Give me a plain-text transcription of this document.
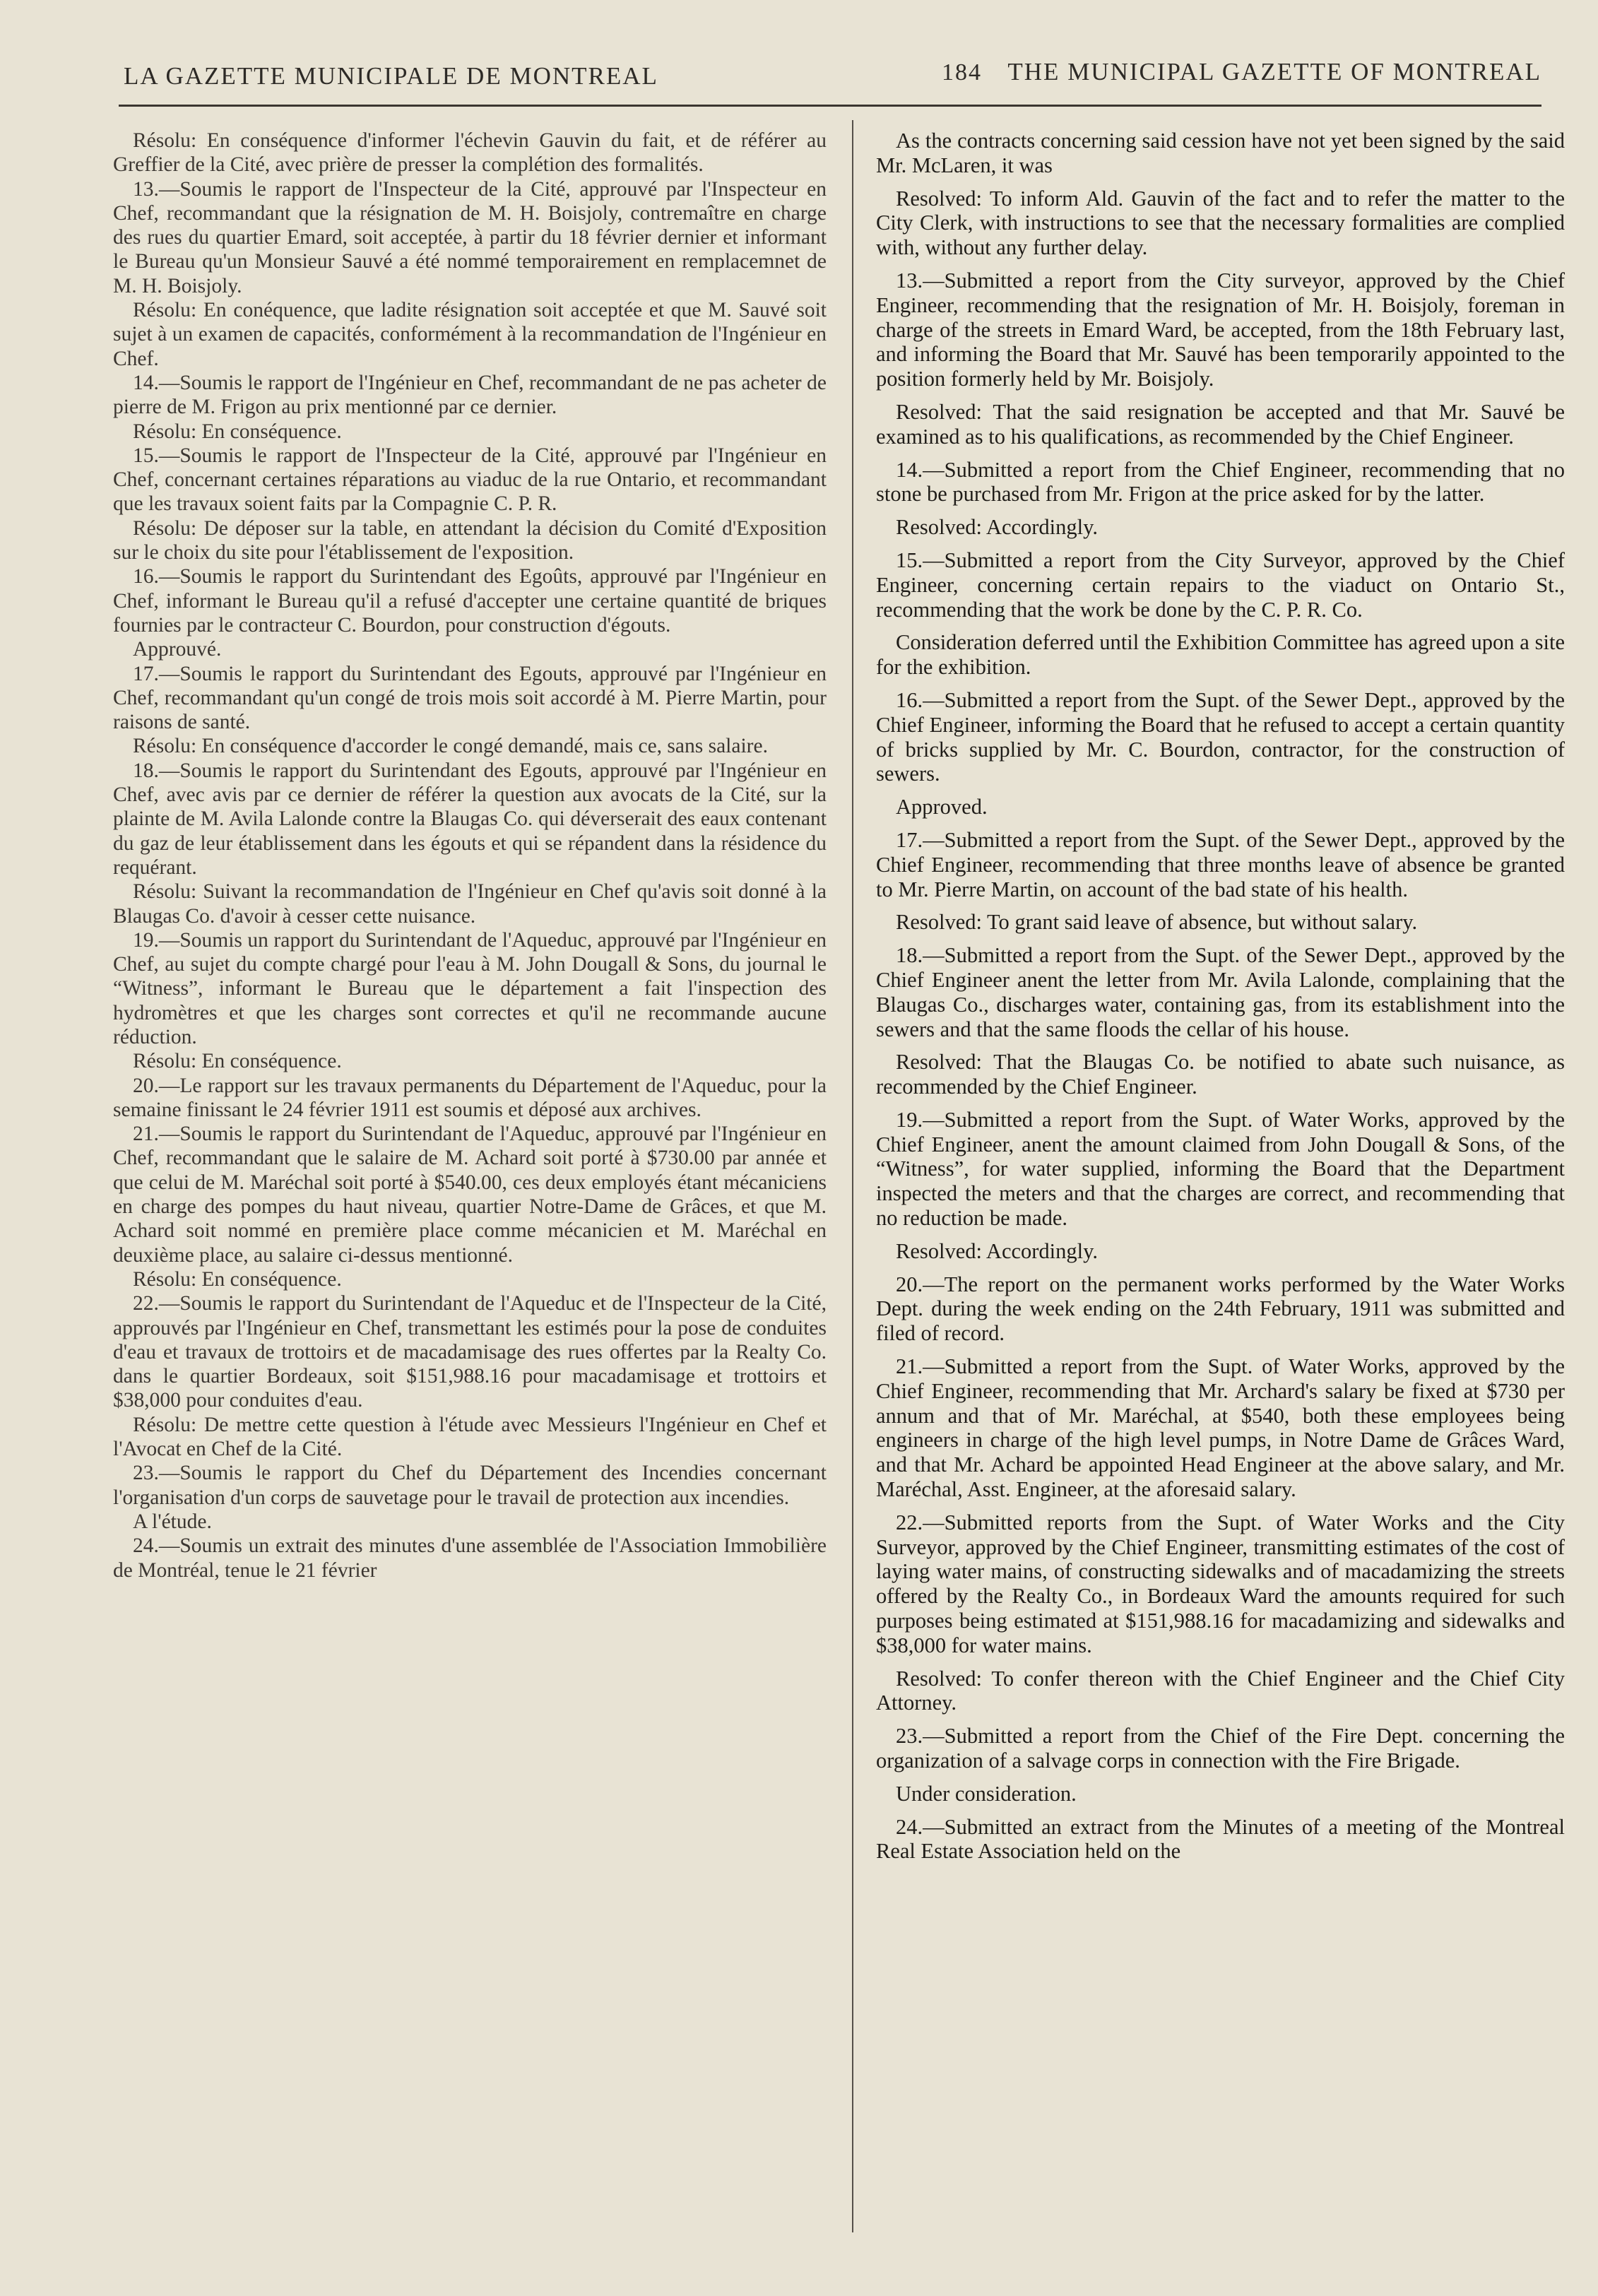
LA GAZETTE MUNICIPALE DE MONTREAL	184 THE MUNICIPAL GAZETTE OF MONTREAL

Résolu: En conséquence d'informer l'échevin Gauvin du fait, et de référer au Greffier de la Cité, avec prière de presser la complétion des formalités.

13.—Soumis le rapport de l'Inspecteur de la Cité, approuvé par l'Inspecteur en Chef, recommandant que la résignation de M. H. Boisjoly, contremaître en charge des rues du quartier Emard, soit acceptée, à partir du 18 février dernier et informant le Bureau qu'un Monsieur Sauvé a été nommé temporairement en remplacemnet de M. H. Boisjoly.

Résolu: En conéquence, que ladite résignation soit acceptée et que M. Sauvé soit sujet à un examen de capacités, conformément à la recommandation de l'Ingénieur en Chef.

14.—Soumis le rapport de l'Ingénieur en Chef, recommandant de ne pas acheter de pierre de M. Frigon au prix mentionné par ce dernier.

Résolu: En conséquence.

15.—Soumis le rapport de l'Inspecteur de la Cité, approuvé par l'Ingénieur en Chef, concernant certaines réparations au viaduc de la rue Ontario, et recommandant que les travaux soient faits par la Compagnie C. P. R.

Résolu: De déposer sur la table, en attendant la décision du Comité d'Exposition sur le choix du site pour l'établissement de l'exposition.

16.—Soumis le rapport du Surintendant des Egoûts, approuvé par l'Ingénieur en Chef, informant le Bureau qu'il a refusé d'accepter une certaine quantité de briques fournies par le contracteur C. Bourdon, pour construction d'égouts.

Approuvé.

17.—Soumis le rapport du Surintendant des Egouts, approuvé par l'Ingénieur en Chef, recommandant qu'un congé de trois mois soit accordé à M. Pierre Martin, pour raisons de santé.

Résolu: En conséquence d'accorder le congé demandé, mais ce, sans salaire.

18.—Soumis le rapport du Surintendant des Egouts, approuvé par l'Ingénieur en Chef, avec avis par ce dernier de référer la question aux avocats de la Cité, sur la plainte de M. Avila Lalonde contre la Blaugas Co. qui déverserait des eaux contenant du gaz de leur établissement dans les égouts et qui se répandent dans la résidence du requérant.

Résolu: Suivant la recommandation de l'Ingénieur en Chef qu'avis soit donné à la Blaugas Co. d'avoir à cesser cette nuisance.

19.—Soumis un rapport du Surintendant de l'Aqueduc, approuvé par l'Ingénieur en Chef, au sujet du compte chargé pour l'eau à M. John Dougall & Sons, du journal le “Witness”, informant le Bureau que le département a fait l'inspection des hydromètres et que les charges sont correctes et qu'il ne recommande aucune réduction.

Résolu: En conséquence.

20.—Le rapport sur les travaux permanents du Département de l'Aqueduc, pour la semaine finissant le 24 février 1911 est soumis et déposé aux archives.

21.—Soumis le rapport du Surintendant de l'Aqueduc, approuvé par l'Ingénieur en Chef, recommandant que le salaire de M. Achard soit porté à $730.00 par année et que celui de M. Maréchal soit porté à $540.00, ces deux employés étant mécaniciens en charge des pompes du haut niveau, quartier Notre-Dame de Grâces, et que M. Achard soit nommé en première place comme mécanicien et M. Maréchal en deuxième place, au salaire ci-dessus mentionné.

Résolu: En conséquence.

22.—Soumis le rapport du Surintendant de l'Aqueduc et de l'Inspecteur de la Cité, approuvés par l'Ingénieur en Chef, transmettant les estimés pour la pose de conduites d'eau et travaux de trottoirs et de macadamisage des rues offertes par la Realty Co. dans le quartier Bordeaux, soit $151,988.16 pour macadamisage et trottoirs et $38,000 pour conduites d'eau.

Résolu: De mettre cette question à l'étude avec Messieurs l'Ingénieur en Chef et l'Avocat en Chef de la Cité.

23.—Soumis le rapport du Chef du Département des Incendies concernant l'organisation d'un corps de sauvetage pour le travail de protection aux incendies.

A l'étude.

24.—Soumis un extrait des minutes d'une assemblée de l'Association Immobilière de Montréal, tenue le 21 février

As the contracts concerning said cession have not yet been signed by the said Mr. McLaren, it was

Resolved: To inform Ald. Gauvin of the fact and to refer the matter to the City Clerk, with instructions to see that the necessary formalities are complied with, without any further delay.

13.—Submitted a report from the City surveyor, approved by the Chief Engineer, recommending that the resignation of Mr. H. Boisjoly, foreman in charge of the streets in Emard Ward, be accepted, from the 18th February last, and informing the Board that Mr. Sauvé has been temporarily appointed to the position formerly held by Mr. Boisjoly.

Resolved: That the said resignation be accepted and that Mr. Sauvé be examined as to his qualifications, as recommended by the Chief Engineer.

14.—Submitted a report from the Chief Engineer, recommending that no stone be purchased from Mr. Frigon at the price asked for by the latter.

Resolved: Accordingly.

15.—Submitted a report from the City Surveyor, approved by the Chief Engineer, concerning certain repairs to the viaduct on Ontario St., recommending that the work be done by the C. P. R. Co.

Consideration deferred until the Exhibition Committee has agreed upon a site for the exhibition.

16.—Submitted a report from the Supt. of the Sewer Dept., approved by the Chief Engineer, informing the Board that he refused to accept a certain quantity of bricks supplied by Mr. C. Bourdon, contractor, for the construction of sewers.

Approved.

17.—Submitted a report from the Supt. of the Sewer Dept., approved by the Chief Engineer, recommending that three months leave of absence be granted to Mr. Pierre Martin, on account of the bad state of his health.

Resolved: To grant said leave of absence, but without salary.

18.—Submitted a report from the Supt. of the Sewer Dept., approved by the Chief Engineer anent the letter from Mr. Avila Lalonde, complaining that the Blaugas Co., discharges water, containing gas, from its establishment into the sewers and that the same floods the cellar of his house.

Resolved: That the Blaugas Co. be notified to abate such nuisance, as recommended by the Chief Engineer.

19.—Submitted a report from the Supt. of Water Works, approved by the Chief Engineer, anent the amount claimed from John Dougall & Sons, of the “Witness”, for water supplied, informing the Board that the Department inspected the meters and that the charges are correct, and recommending that no reduction be made.

Resolved: Accordingly.

20.—The report on the permanent works performed by the Water Works Dept. during the week ending on the 24th February, 1911 was submitted and filed of record.

21.—Submitted a report from the Supt. of Water Works, approved by the Chief Engineer, recommending that Mr. Archard's salary be fixed at $730 per annum and that of Mr. Maréchal, at $540, both these employees being engineers in charge of the high level pumps, in Notre Dame de Grâces Ward, and that Mr. Achard be appointed Head Engineer at the above salary, and Mr. Maréchal, Asst. Engineer, at the aforesaid salary.

22.—Submitted reports from the Supt. of Water Works and the City Surveyor, approved by the Chief Engineer, transmitting estimates of the cost of laying water mains, of constructing sidewalks and of macadamizing the streets offered by the Realty Co., in Bordeaux Ward the amounts required for such purposes being estimated at $151,988.16 for macadamizing and sidewalks and $38,000 for water mains.

Resolved: To confer thereon with the Chief Engineer and the Chief City Attorney.

23.—Submitted a report from the Chief of the Fire Dept. concerning the organization of a salvage corps in connection with the Fire Brigade.

Under consideration.

24.—Submitted an extract from the Minutes of a meeting of the Montreal Real Estate Association held on the
